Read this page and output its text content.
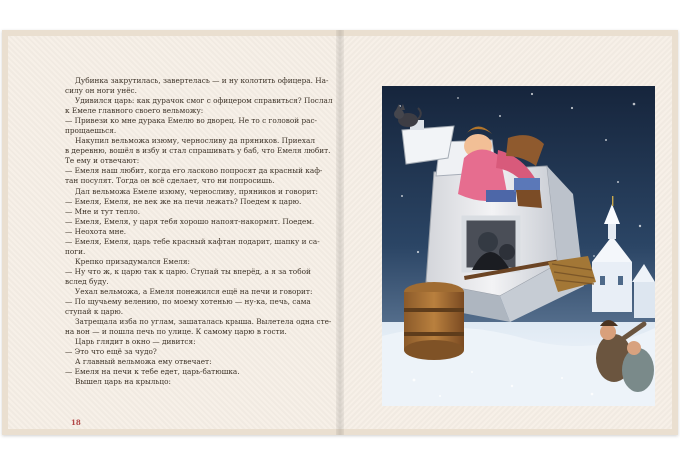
Дубинка закрутилась, завертелась — и ну колотить офицера. На-
силу он ноги унёс.
Удивился царь: как дурачок смог с офицером справиться? Послал
к Емеле главного своего вельможу:
— Привези ко мне дурака Емелю во дворец. Не то с головой рас-
прощаешься.
Накупил вельможа изюму, черносливу да пряников. Приехал
в деревню, вошёл в избу и стал спрашивать у баб, что Емеля любит.
Те ему и отвечают:
— Емеля наш любит, когда его ласково попросят да красный каф-
тан посулят. Тогда он всё сделает, что ни попросишь.
Дал вельможа Емеле изюму, черносливу, пряников и говорит:
— Емеля, Емеля, не век же на печи лежать? Поедем к царю.
— Мне и тут тепло.
— Емеля, Емеля, у царя тебя хорошо напоят-накормят. Поедем.
— Неохота мне.
— Емеля, Емеля, царь тебе красный кафтан подарит, шапку и са-
поги.
Крепко призадумался Емеля:
— Ну что ж, к царю так к царю. Ступай ты вперёд, а я за тобой
вслед буду.
Уехал вельможа, а Емеля понежился ещё на печи и говорит:
— По щучьему велению, по моему хотенью — ну-ка, печь, сама
ступай к царю.
Затрещала изба по углам, зашаталась крыша. Вылетела одна сте-
на вон — и пошла печь по улице. К самому царю в гости.
Царь глядит в окно — дивится:
— Это что ещё за чудо?
А главный вельможа ему отвечает:
— Емеля на печи к тебе едет, царь-батюшка.
Вышел царь на крыльцо:
18
